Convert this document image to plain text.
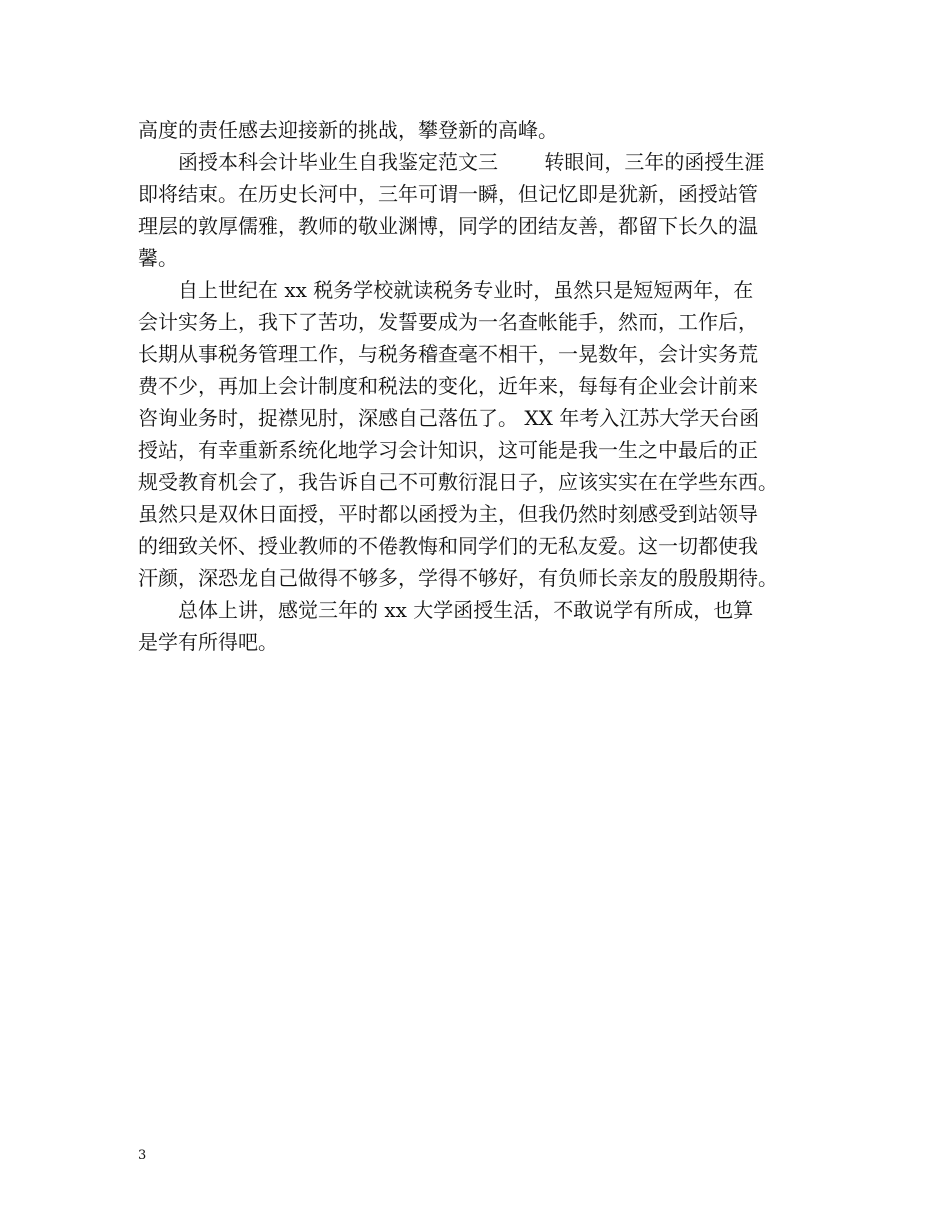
高度的责任感去迎接新的挑战，攀登新的高峰。
　　函授本科会计毕业生自我鉴定范文三　　 转眼间，三年的函授生涯
即将结束。在历史长河中，三年可谓一瞬，但记忆即是犹新，函授站管
理层的敦厚儒雅，教师的敬业渊博，同学的团结友善，都留下长久的温
馨。
　　自上世纪在 xx 税务学校就读税务专业时，虽然只是短短两年，在
会计实务上，我下了苦功，发誓要成为一名查帐能手，然而，工作后，
长期从事税务管理工作，与税务稽查毫不相干，一晃数年，会计实务荒
费不少，再加上会计制度和税法的变化，近年来，每每有企业会计前来
咨询业务时，捉襟见肘，深感自己落伍了。 XX 年考入江苏大学天台函
授站，有幸重新系统化地学习会计知识，这可能是我一生之中最后的正
规受教育机会了，我告诉自己不可敷衍混日子，应该实实在在学些东西。
虽然只是双休日面授，平时都以函授为主，但我仍然时刻感受到站领导
的细致关怀、授业教师的不倦教悔和同学们的无私友爱。这一切都使我
汗颜，深恐龙自己做得不够多，学得不够好，有负师长亲友的殷殷期待。
　　总体上讲，感觉三年的 xx 大学函授生活，不敢说学有所成，也算
是学有所得吧。
3
